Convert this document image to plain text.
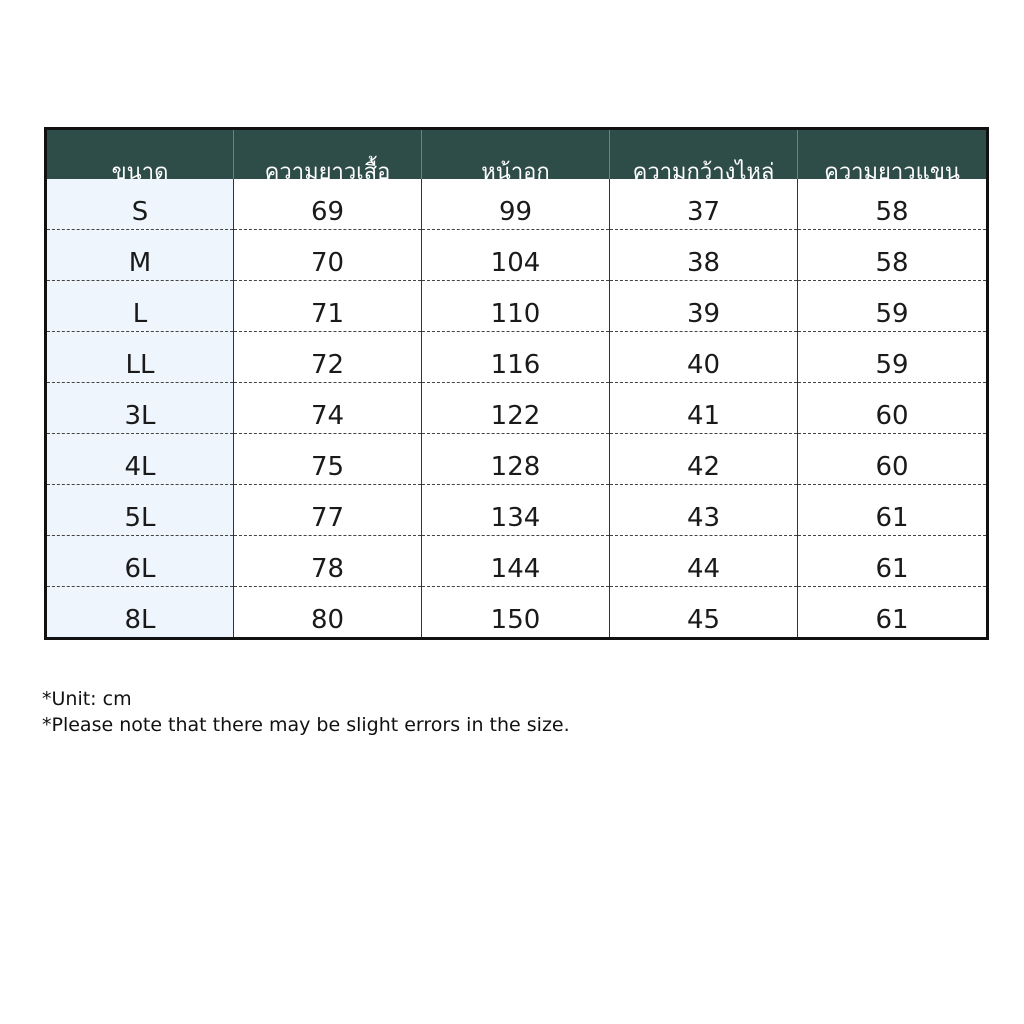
ขนาด	ความยาวเสื้อ	หน้าอก	ความกว้างไหล่	ความยาวแขน

S	69	99	37	58

M	70	104	38	58

L	71	110	39	59

LL	72	116	40	59

3L	74	122	41	60

4L	75	128	42	60

5L	77	134	43	61

6L	78	144	44	61

8L	80	150	45	61

*Unit: cm

*Please note that there may be slight errors in the size.
